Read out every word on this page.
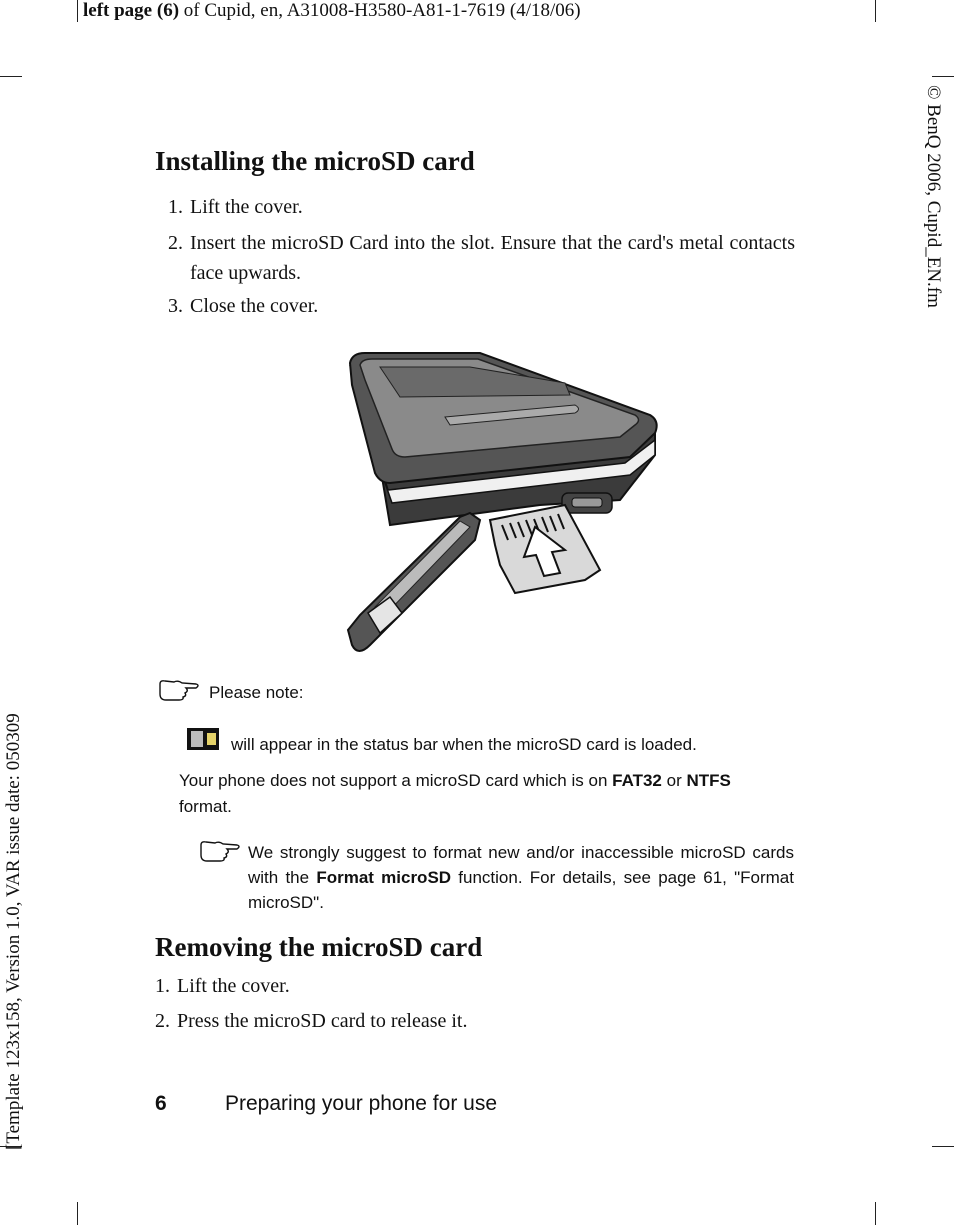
left page (6) of Cupid, en, A31008-H3580-A81-1-7619 (4/18/06)
© BenQ 2006, Cupid_EN.fm
[Template 123x158, Version 1.0, VAR issue date: 050309
Installing the microSD card
1. Lift the cover.
2. Insert the microSD Card into the slot. Ensure that the card's metal contacts face upwards.
3. Close the cover.
Please note:
will appear in the status bar when the microSD card is loaded.
Your phone does not support a microSD card which is on FAT32 or NTFS
format.
We strongly suggest to format new and/or inaccessible microSD cards with the Format microSD function. For details, see page 61, "Format microSD".
Removing the microSD card
1. Lift the cover.
2. Press the microSD card to release it.
6	Preparing your phone for use
